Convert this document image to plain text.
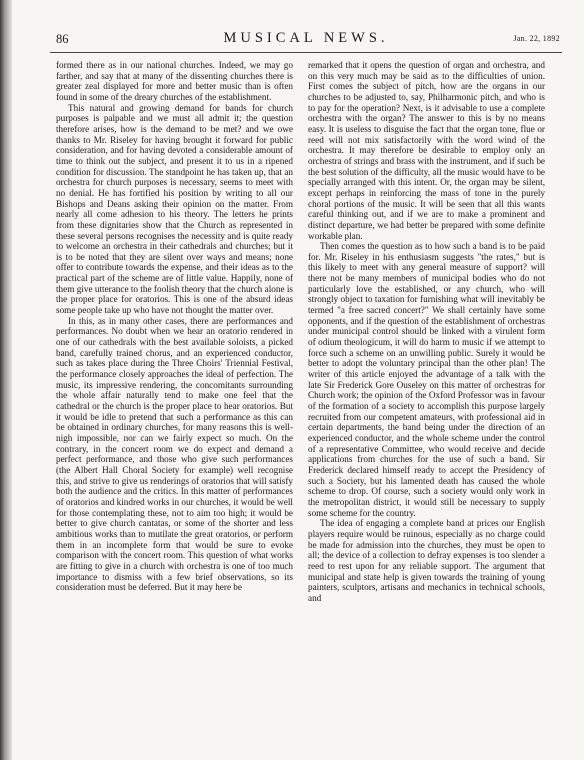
86	MUSICAL NEWS.	Jan. 22, 1892

formed there as in our national churches. Indeed, we may go farther, and say that at many of the dissenting churches there is greater zeal displayed for more and better music than is often found in some of the dreary churches of the establishment.

This natural and growing demand for bands for church purposes is palpable and we must all admit it; the question therefore arises, how is the demand to be met? and we owe thanks to Mr. Riseley for having brought it forward for public consideration, and for having devoted a considerable amount of time to think out the subject, and present it to us in a ripened condition for discussion. The standpoint he has taken up, that an orchestra for church purposes is necessary, seems to meet with no denial. He has fortified his position by writing to all our Bishops and Deans asking their opinion on the matter. From nearly all come adhesion to his theory. The letters he prints from these dignitaries show that the Church as represented in these several persons recognises the necessity and is quite ready to welcome an orchestra in their cathedrals and churches; but it is to be noted that they are silent over ways and means; none offer to contribute towards the expense, and their ideas as to the practical part of the scheme are of little value. Happily, none of them give utterance to the foolish theory that the church alone is the proper place for oratorios. This is one of the absurd ideas some people take up who have not thought the matter over.

In this, as in many other cases, there are performances and performances. No doubt when we hear an oratorio rendered in one of our cathedrals with the best available soloists, a picked band, carefully trained chorus, and an experienced conductor, such as takes place during the Three Choirs' Triennial Festival, the performance closely approaches the ideal of perfection. The music, its impressive rendering, the concomitants surrounding the whole affair naturally tend to make one feel that the cathedral or the church is the proper place to hear oratorios. But it would be idle to pretend that such a performance as this can be obtained in ordinary churches, for many reasons this is well-nigh impossible, nor can we fairly expect so much. On the contrary, in the concert room we do expect and demand a perfect performance, and those who give such performances (the Albert Hall Choral Society for example) well recognise this, and strive to give us renderings of oratorios that will satisfy both the audience and the critics. In this matter of performances of oratorios and kindred works in our churches, it would be well for those contemplating these, not to aim too high; it would be better to give church cantatas, or some of the shorter and less ambitious works than to mutilate the great oratorios, or perform them in an incomplete form that would be sure to evoke comparison with the concert room. This question of what works are fitting to give in a church with orchestra is one of too much importance to dismiss with a few brief observations, so its consideration must be deferred. But it may here be

remarked that it opens the question of organ and orchestra, and on this very much may be said as to the difficulties of union. First comes the subject of pitch, how are the organs in our churches to be adjusted to, say, Philharmonic pitch, and who is to pay for the operation? Next, is it advisable to use a complete orchestra with the organ? The answer to this is by no means easy. It is useless to disguise the fact that the organ tone, flue or reed will not mix satisfactorily with the word wind of the orchestra. It may therefore be desirable to employ only an orchestra of strings and brass with the instrument, and if such be the best solution of the difficulty, all the music would have to be specially arranged with this intent. Or, the organ may be silent, except perhaps in reinforcing the mass of tone in the purely choral portions of the music. It will be seen that all this wants careful thinking out, and if we are to make a prominent and distinct departure, we had better be prepared with some definite workable plan.

Then comes the question as to how such a band is to be paid for. Mr. Riseley in his enthusiasm suggests "the rates," but is this likely to meet with any general measure of support? will there not be many members of municipal bodies who do not particularly love the established, or any church, who will strongly object to taxation for furnishing what will inevitably be termed "a free sacred concert?" We shall certainly have some opponents, and if the question of the establishment of orchestras under municipal control should be linked with a virulent form of odium theologicum, it will do harm to music if we attempt to force such a scheme on an unwilling public. Surely it would be better to adopt the voluntary principal than the other plan! The writer of this article enjoyed the advantage of a talk with the late Sir Frederick Gore Ouseley on this matter of orchestras for Church work; the opinion of the Oxford Professor was in favour of the formation of a society to accomplish this purpose largely recruited from our competent amateurs, with professional aid in certain departments, the band being under the direction of an experienced conductor, and the whole scheme under the control of a representative Committee, who would receive and decide applications from churches for the use of such a band. Sir Frederick declared himself ready to accept the Presidency of such a Society, but his lamented death has caused the whole scheme to drop. Of course, such a society would only work in the metropolitan district, it would still be necessary to supply some scheme for the country.

The idea of engaging a complete band at prices our English players require would be ruinous, especially as no charge could be made for admission into the churches, they must be open to all; the device of a collection to defray expenses is too slender a reed to rest upon for any reliable support. The argument that municipal and state help is given towards the training of young painters, sculptors, artisans and mechanics in technical schools, and
